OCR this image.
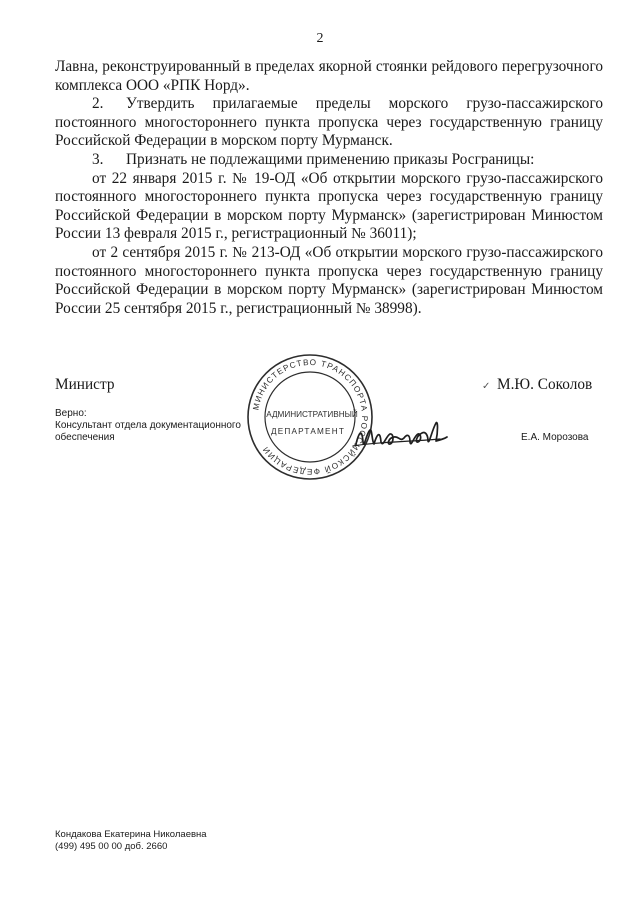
2

Лавна, реконструированный в пределах якорной стоянки рейдового перегрузочного комплекса ООО «РПК Норд».

2. Утвердить прилагаемые пределы морского грузо-пассажирского постоянного многостороннего пункта пропуска через государственную границу Российской Федерации в морском порту Мурманск.

3. Признать не подлежащими применению приказы Росграницы:

от 22 января 2015 г. № 19-ОД «Об открытии морского грузо-пассажирского постоянного многостороннего пункта пропуска через государственную границу Российской Федерации в морском порту Мурманск» (зарегистрирован Минюстом России 13 февраля 2015 г., регистрационный № 36011);

от 2 сентября 2015 г. № 213-ОД «Об открытии морского грузо-пассажирского постоянного многостороннего пункта пропуска через государственную границу Российской Федерации в морском порту Мурманск» (зарегистрирован Минюстом России 25 сентября 2015 г., регистрационный № 38998).

Министр	✓ М.Ю. Соколов
Верно:
Консультант отдела документационного
обеспечения	Е.А. Морозова
МИНИСТЕРСТВО ТРАНСПОРТА РОССИЙСКОЙ ФЕДЕРАЦИИ
АДМИНИСТРАТИВНЫЙ
ДЕПАРТАМЕНТ
Кондакова Екатерина Николаевна
(499) 495 00 00 доб. 2660
